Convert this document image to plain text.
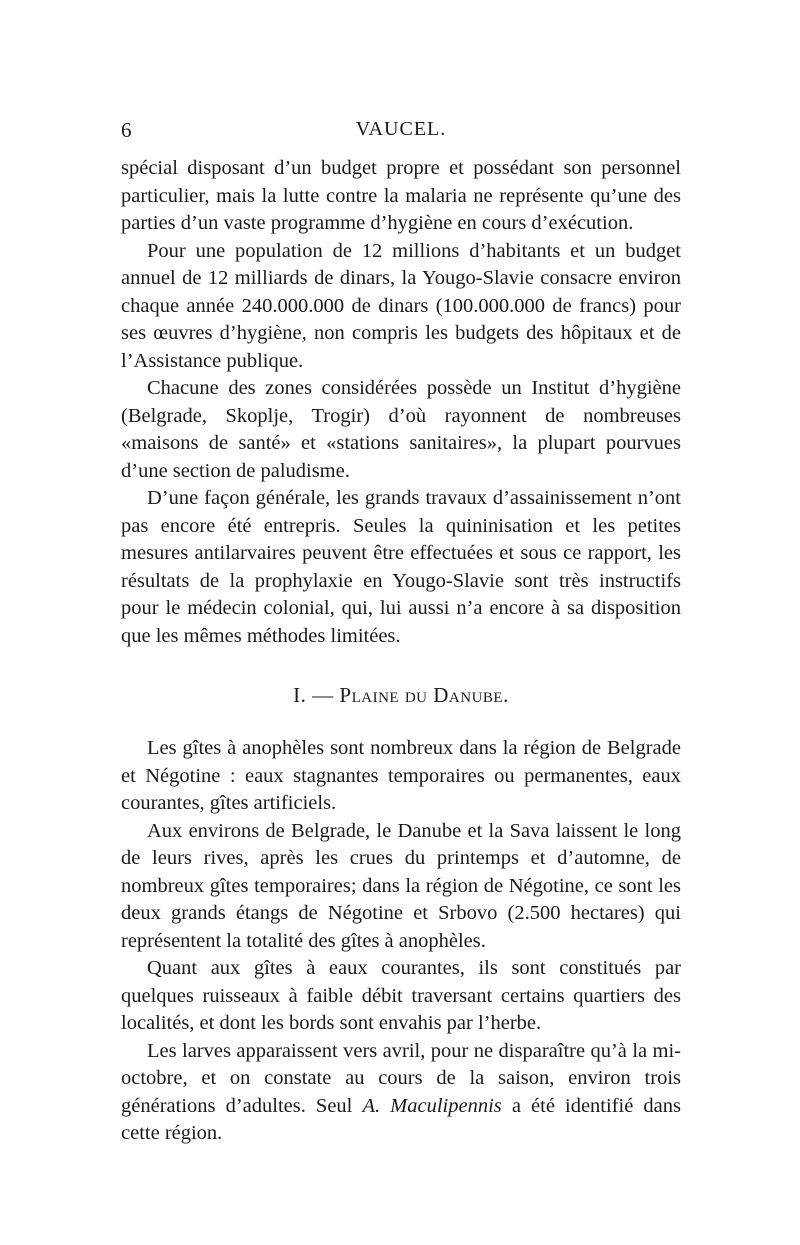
6	VAUCEL.

spécial disposant d’un budget propre et possédant son personnel particulier, mais la lutte contre la malaria ne représente qu’une des parties d’un vaste programme d’hygiène en cours d’exécution.

Pour une population de 12 millions d’habitants et un budget annuel de 12 milliards de dinars, la Yougo-Slavie consacre environ chaque année 240.000.000 de dinars (100.000.000 de francs) pour ses œuvres d’hygiène, non compris les budgets des hôpitaux et de l’Assistance publique.

Chacune des zones considérées possède un Institut d’hygiène (Belgrade, Skoplje, Trogir) d’où rayonnent de nombreuses «maisons de santé» et «stations sanitaires», la plupart pourvues d’une section de paludisme.

D’une façon générale, les grands travaux d’assainissement n’ont pas encore été entrepris. Seules la quininisation et les petites mesures antilarvaires peuvent être effectuées et sous ce rapport, les résultats de la prophylaxie en Yougo-Slavie sont très instructifs pour le médecin colonial, qui, lui aussi n’a encore à sa disposition que les mêmes méthodes limitées.

I. — Plaine du Danube.

Les gîtes à anophèles sont nombreux dans la région de Belgrade et Négotine : eaux stagnantes temporaires ou permanentes, eaux courantes, gîtes artificiels.

Aux environs de Belgrade, le Danube et la Sava laissent le long de leurs rives, après les crues du printemps et d’automne, de nombreux gîtes temporaires; dans la région de Négotine, ce sont les deux grands étangs de Négotine et Srbovo (2.500 hectares) qui représentent la totalité des gîtes à anophèles.

Quant aux gîtes à eaux courantes, ils sont constitués par quelques ruisseaux à faible débit traversant certains quartiers des localités, et dont les bords sont envahis par l’herbe.

Les larves apparaissent vers avril, pour ne disparaître qu’à la mi-octobre, et on constate au cours de la saison, environ trois générations d’adultes. Seul A. Maculipennis a été identifié dans cette région.
